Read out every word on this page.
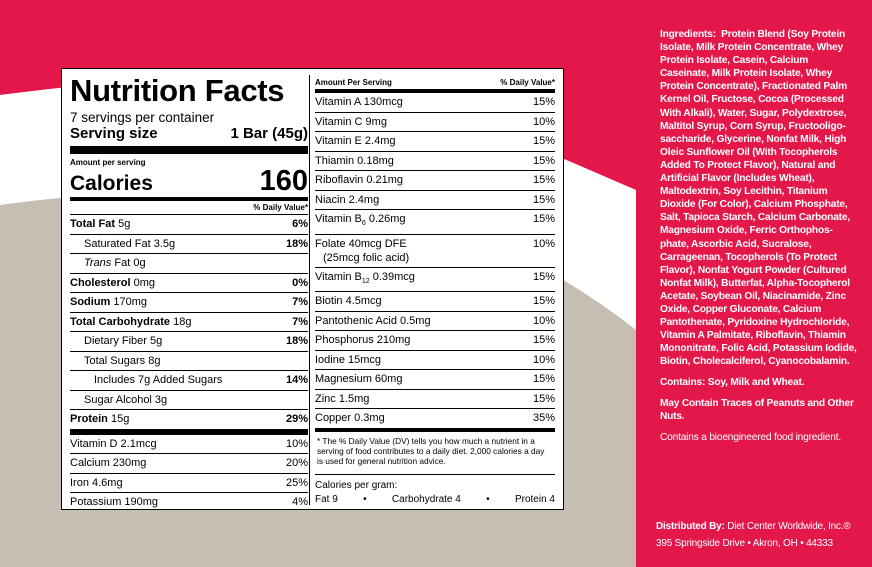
Nutrition Facts
7 servings per container
Serving size	1 Bar (45g)
Amount per serving
Calories	160
% Daily Value*
Total Fat 5g	6%
Saturated Fat 3.5g	18%
Trans Fat 0g
Cholesterol 0mg	0%
Sodium 170mg	7%
Total Carbohydrate 18g	7%
Dietary Fiber 5g	18%
Total Sugars 8g
Includes 7g Added Sugars	14%
Sugar Alcohol 3g
Protein 15g	29%
Vitamin D 2.1mcg	10%
Calcium 230mg	20%
Iron 4.6mg	25%
Potassium 190mg	4%
Amount Per Serving	% Daily Value*
Vitamin A 130mcg	15%
Vitamin C 9mg	10%
Vitamin E 2.4mg	15%
Thiamin 0.18mg	15%
Riboflavin 0.21mg	15%
Niacin 2.4mg	15%
Vitamin $B_6$ 0.26mg	15%
Folate 40mcg DFE
(25mcg folic acid)
10%
Vitamin $B_{12}$ 0.39mcg	15%
Biotin 4.5mcg	15%
Pantothenic Acid 0.5mg	10%
Phosphorus 210mg	15%
Iodine 15mcg	10%
Magnesium 60mg	15%
Zinc 1.5mg	15%
Copper 0.3mg	35%
* The % Daily Value (DV) tells you how much a nutrient in a serving of food contributes to a daily diet. 2,000 calories a day is used for general nutrition advice.
Calories per gram:
Fat 9	•	Carbohydrate 4	•	Protein 4
Ingredients: Protein Blend (Soy Protein Isolate, Milk Protein Concentrate, Whey Protein Isolate, Casein, Calcium Caseinate, Milk Protein Isolate, Whey Protein Concentrate), Fractionated Palm Kernel Oil, Fructose, Cocoa (Processed With Alkali), Water, Sugar, Polydextrose, Maltitol Syrup, Corn Syrup, Fructooligo-saccharide, Glycerine, Nonfat Milk, High Oleic Sunflower Oil (With Tocopherols Added To Protect Flavor), Natural and Artificial Flavor (Includes Wheat), Maltodextrin, Soy Lecithin, Titanium Dioxide (For Color), Calcium Phosphate, Salt, Tapioca Starch, Calcium Carbonate, Magnesium Oxide, Ferric Orthophos-phate, Ascorbic Acid, Sucralose, Carrageenan, Tocopherols (To Protect Flavor), Nonfat Yogurt Powder (Cultured Nonfat Milk), Butterfat, Alpha-Tocopherol Acetate, Soybean Oil, Niacinamide, Zinc Oxide, Copper Gluconate, Calcium Pantothenate, Pyridoxine Hydrochloride, Vitamin A Palmitate, Riboflavin, Thiamin Mononitrate, Folic Acid, Potassium Iodide, Biotin, Cholecalciferol, Cyanocobalamin.
Contains: Soy, Milk and Wheat.
May Contain Traces of Peanuts and Other Nuts.
Contains a bioengineered food ingredient.
Distributed By: Diet Center Worldwide, Inc.®
395 Springside Drive • Akron, OH • 44333
